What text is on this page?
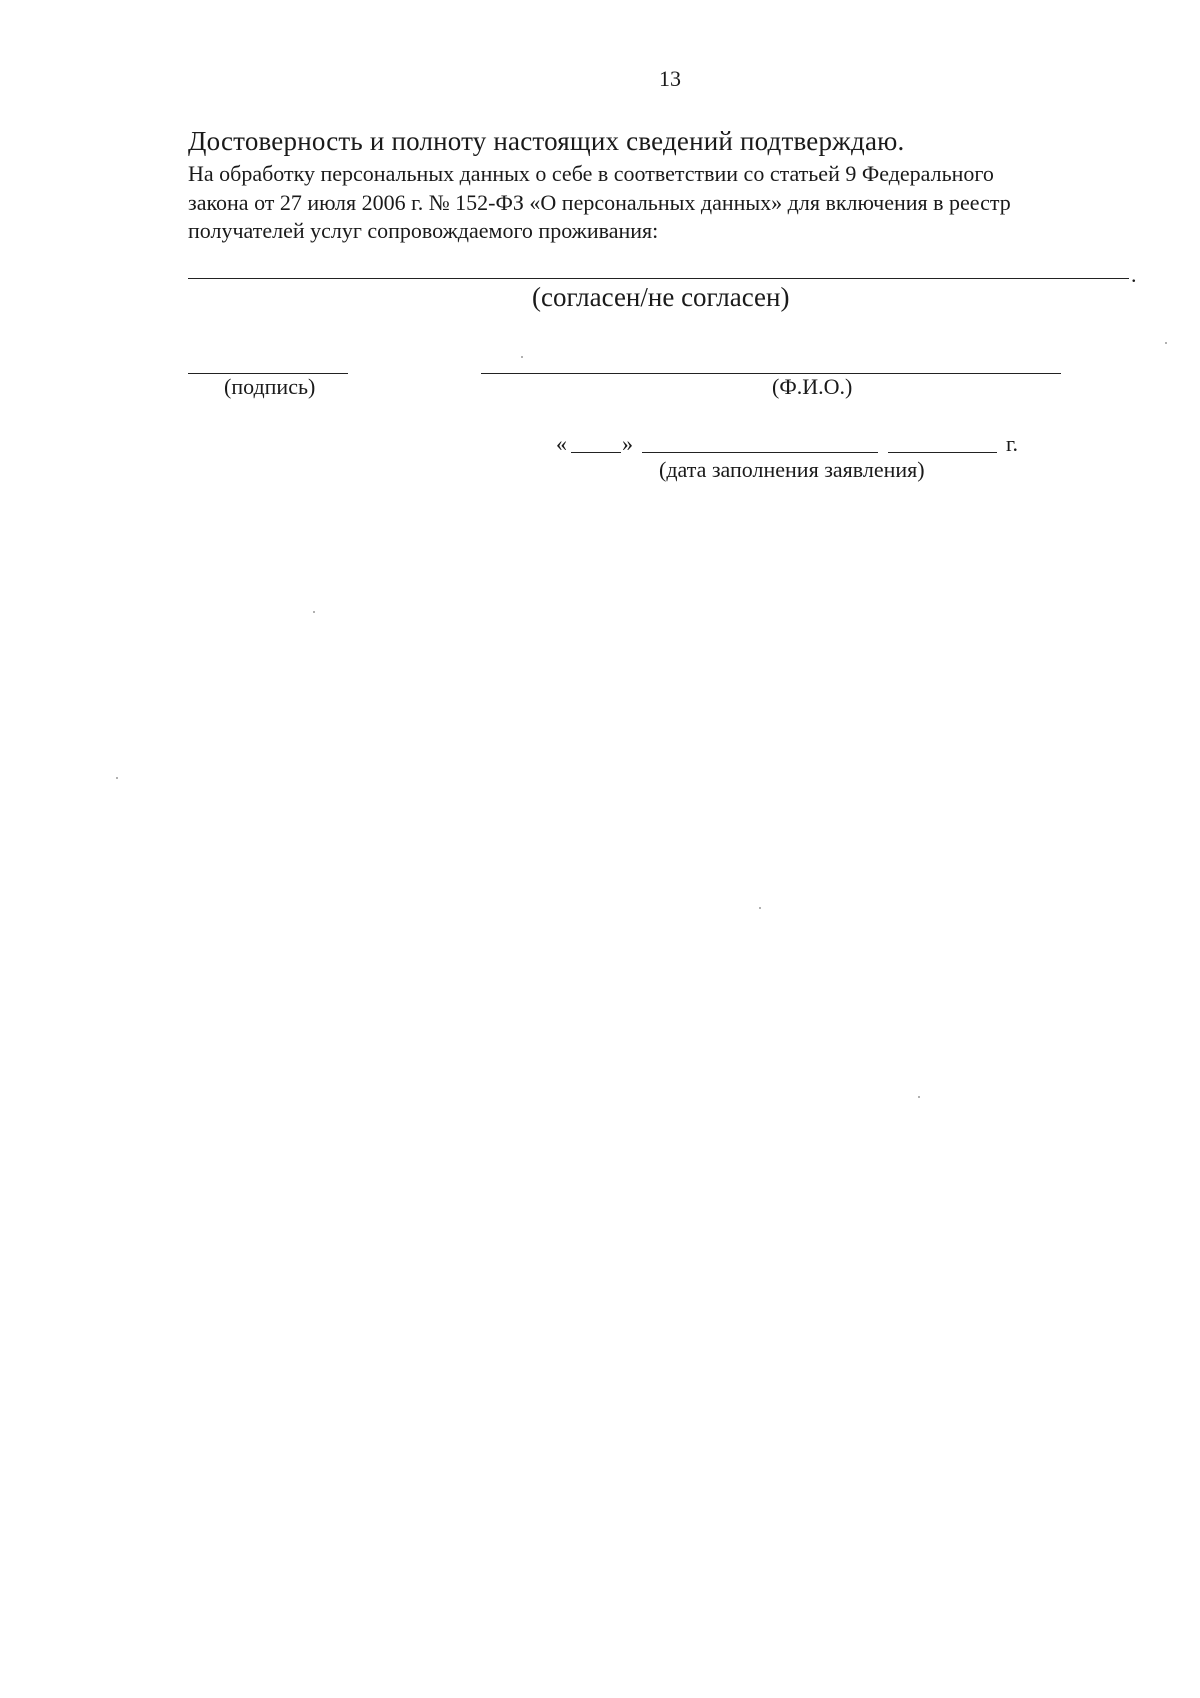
13
Достоверность и полноту настоящих сведений подтверждаю.
На обработку персональных данных о себе в соответствии со статьей 9 Федерального
закона от 27 июля 2006 г. № 152-ФЗ «О персональных данных» для включения в реестр
получателей услуг сопровождаемого проживания:
.
(согласен/не согласен)
(подпись)	(Ф.И.О.)
«	»	г.
(дата заполнения заявления)
